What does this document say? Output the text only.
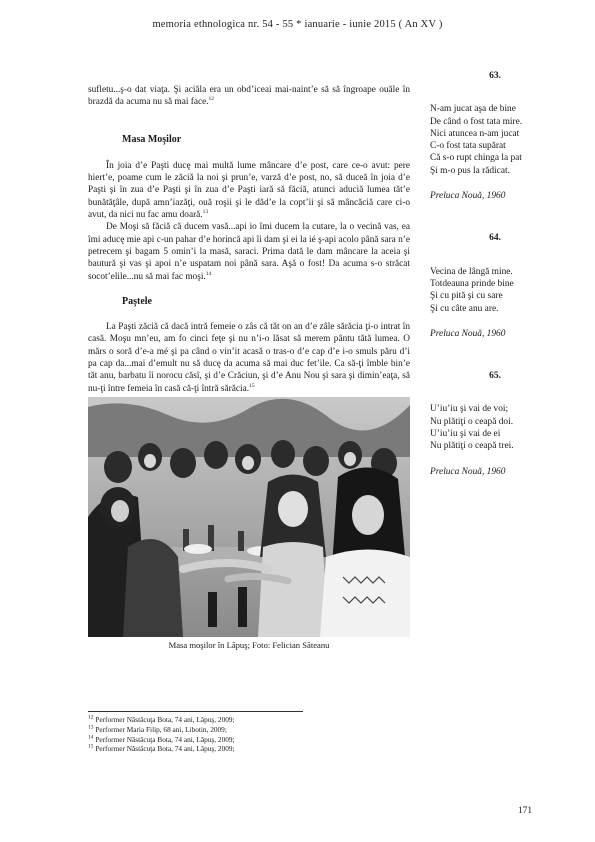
memoria ethnologica nr. 54 - 55 * ianuarie - iunie 2015 ( An XV )

sufletu...ş-o dat viaţa. Şi aciăla era un obd’iceai mai-naint’e să să îngroape ouăle în brazdă da acuma nu să mai face.$^{12}$

Masa Moşilor

În joia d’e Paşti ducę mai multă lume mâncare d’e post, care ce-o avut: pere hiert’e, poame cum le zăciă la noi şi prun’e, varză d’e post, no, să duceă în joia d’e Paşti şi în zua d’e Paşti şi în zua d’e Paşti iară să făciă, atunci aduciă lumea tăt’e bunătăţâle, după amn’iazăţi, ouă roşii şi le dăd’e la copt’ii şi să mâncăciă care ci-o avut, da nici nu fac amu doară.$^{13}$

De Moşi să făciă că ducem vasă...api io îmi ducem la cutare, la o vecină vas, ea îmi aducę mie api c-un pahar d’e horincă api îi dam şi ei la ié ş-api acolo până sara n’e petrecem şi bagam 5 omin’i la masă, saraci. Prima dată le dam mâncare la aceia şi bautură şi vas şi apoi n’e uspatam noi până sara. Aşă o fost! Da acuma s-o străcat socot’elile...nu să mai fac moşi.$^{14}$

Paştele

La Paşti zăciă că dacă intră femeie o zâs că tăt on an d’e zâle sărăcia ţi-o intrat în casă. Moşu mn’eu, am fo cinci feţe şi nu n’i-o lăsat să merem pântu tătă lumea. O mărs o soră d’e-a mé şi pa când o vin’it acasă o tras-o d’e cap d’e i-o smuls păru d’i pa cap da...mai d’emult nu să ducę da acuma să mai duc fet’ile. Ca să-ţi îmble bin’e tăt anu, barbatu îi norocu căsî, şi d’e Crăciun, şi d’e Anu Nou şi sara şi dimin’eaţa, să nu-ţi între femeia în casă că-ţi întră sărăcia.$^{15}$

Masa moşilor în Lăpuş; Foto: Felician Săteanu
$^{12}$ Performer Năstăcuţa Bota, 74 ani, Lăpuş, 2009;
$^{13}$ Performer Maria Filip, 68 ani, Libotin, 2009;
$^{14}$ Performer Năstăcuţa Bota, 74 ani, Lăpuş, 2009;
$^{15}$ Performer Năstăcuţa Bota, 74 ani, Lăpuş, 2009;
63.

N-am jucat aşa de bine

De când o fost tata mire.

Nici atuncea n-am jucat

C-o fost tata supărat

Că s-o rupt chinga la pat

Şi m-o pus la rădicat.

Preluca Nouă, 1960

64.

Vecina de lângă mine.

Totdeauna prinde bine

Şi cu pită şi cu sare

Şi cu câte anu are.

Preluca Nouă, 1960

65.

U’iu’iu şi vai de voi;

Nu plătiţi o ceapă doi.

U’iu’iu şi vai de ei

Nu plătiţi o ceapă trei.

Preluca Nouă, 1960

171
